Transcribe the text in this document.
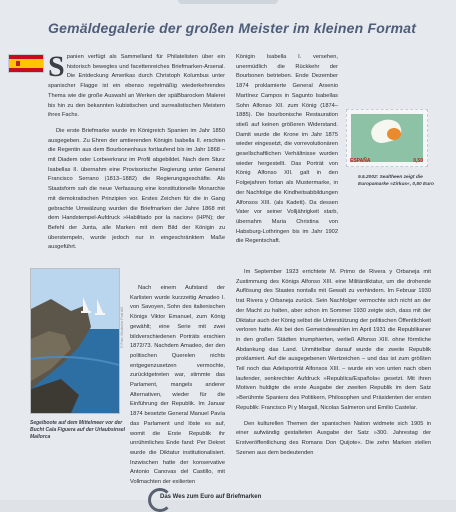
Gemäldegalerie der großen Meister im kleinen Format

S panien verfügt als Sammelland für Philatelisten über ein historisch bewegtes und facettenreiches Briefmarken-Arsenal. Die Entdeckung Amerikas durch Christoph Kolumbus unter spanischer Flagge ist ein ebenso regelmäßig wiederkehrendes Thema wie die große Auswahl an Werken der späBbarocken Malerei bis hin zu den bekannten kubistischen und surrealistischen Meistern ihres Fachs.

Die erste Briefmarke wurde im Königreich Spanien im Jahr 1850 ausgegeben. Zu Ehren der amtierenden Königin Isabella II. erschien die Regentin aus dem Bourbonenhaus fortlaufend bis im Jahr 1868 – mit Diadem oder Lorbeerkranz im Profil abgebildet. Nach dem Sturz Isabellas II. übernahm eine Provisorische Regierung unter General Francisco Serrano (1813–1882) die Regierungsgeschäfte. Als Staatsform sah die neue Verfassung eine konstitutionelle Monarchie mit demokratischen Prinzipien vor. Erstes Zeichen für die in Gang gebrachte Umwälzung wurden die Briefmarken der Jahre 1868 mit dem Handstempel-Aufdruck »Habilitado por la nacion« (HPN); der Befehl der Junta, alle Marken mit dem Bild der Königin zu überstempeln, wurde jedoch nur in eingeschränktem Maße ausgeführt.

Nach einem Aufstand der Karlisten wurde kurzzeitig Amadeo I. von Savoyen, Sohn des italienischen Königs Viktor Emanuel, zum König gewählt; eine Serie mit zwei bildverschiedenen Porträts erschien 1872/73. Nachdem Amadeo, der den politischen Querelen nichts entgegenzusetzen vermochte, zurücktgetreten war, stimmte das Parlament, mangels anderer Alternativen, wieder für die Einführung der Republik. Im Januar 1874 besetzte General Manuel Pavía das Parlament und löste es auf, womit die Erste Republik ihr unrühmliches Ende fand: Per Dekret wurde die Diktatur institutionalisiert. Inzwischen hatte der konservative Antonio Canovas del Castillo, mit Vollmachten der exilierten

© Foto: Deutsche Post AG
Segelboote auf dem Mittelmeer vor der Bucht Cala Figuera auf der Urlaubsinsel Mallorca

Königin Isabella I. versehen, unermüdlich die Rückkehr der Bourbonen betrieben. Ende Dezember 1874 proklamierte General Arsenio Martínez Campos in Sagunto Isabellas Sohn Alfonso XII. zum König (1874–1885). Die bourbonische Restauration stieß auf keinen größeren Widerstand. Damit wurde die Krone im Jahr 1875 wieder eingesetzt, die vorrevolutionären gesellschaftlichen Verhältnisse wurden wieder hergestellt. Das Porträt von König Alfonso XII. galt in den Folgejahren fortan als Mustermarke, in der Nachfolge die Kindheitsabbildungen Alfonsos XIII. (als Kadett). Da dessen Vater vor seiner Volljährigkeit starb, übernahm Maria Christina von Habsburg-Lothringen bis im Jahr 1902 die Regentschaft.

ESPAÑA	0,50
9.5.2002: Sealtheen zeigt die Europamarke »Zirkus«, 0,50 Euro

Im September 1923 errichtete M. Primo de Rivera y Orbaneja mit Zustimmung des Königs Alfonso XIII. eine Militärdiktatur, um die drohende Auflösung des Staates nontalls mit Gewalt zu verhindern. Im Februar 1930 trat Rivera y Orbaneja zurück. Sein Nachfolger vermochte sich nicht an der der Macht zu halten, aber schon im Sommer 1930 zeigte sich, dass mit der Diktatur auch der König selbst die Unterstützung der politischen Öffentlichkeit verloren hatte. Als bei den Gemeindewahlen im April 1931 die Republikaner in den großen Städten triumphierten, verließ Alfonso XIII. ohne förmliche Abdankung das Land. Unmittelbar darauf wurde die zweite Republik proklamiert. Auf die ausgegebenen Wertzeichen – und das ist zum größten Teil noch das Adelsporträt Alfonsos XIII. – wurde ein von unten nach oben laufender, senkrechter Aufdruck »Republica/Española« gesetzt. Mit ihren Motiven huldigte die erste Ausgabe der zweiten Republik im dem Satz »Berühmte Spaniers des Politikern, Philosophen und Präsidenten der ersten Republik: Francisco Pi y Margall, Nicolas Salmeron und Emilio Castelar.

Den kulturellen Themen der spanischen Nation widmete sich 1905 in einer aufwändig gestalteten Ausgabe der Satz »300. Jahrestag der Erstveröffentlichung des Romans Don Quijote«. Die zehn Marken stellen Szenen aus dem bedeutenden

Das Wes zum Euro auf Briefmarken
